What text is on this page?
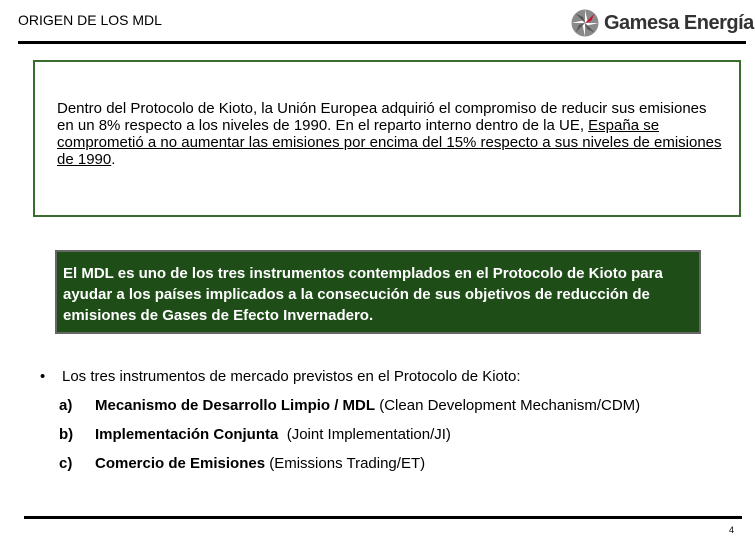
ORIGEN DE LOS MDL	Gamesa Energía

Dentro del Protocolo de Kioto, la Unión Europea adquirió el compromiso de reducir sus emisiones en un 8% respecto a los niveles de 1990. En el reparto interno dentro de la UE, España se comprometió a no aumentar las emisiones por encima del 15% respecto a sus niveles de emisiones de 1990.

El MDL es uno de los tres instrumentos contemplados en el Protocolo de Kioto para ayudar a los países implicados a la consecución de sus objetivos de reducción de emisiones de Gases de Efecto Invernadero.

•	Los tres instrumentos de mercado previstos en el Protocolo de Kioto:
a)	Mecanismo de Desarrollo Limpio / MDL (Clean Development Mechanism/CDM)
b)	Implementación Conjunta  (Joint Implementation/JI)
c)	Comercio de Emisiones (Emissions Trading/ET)
4
